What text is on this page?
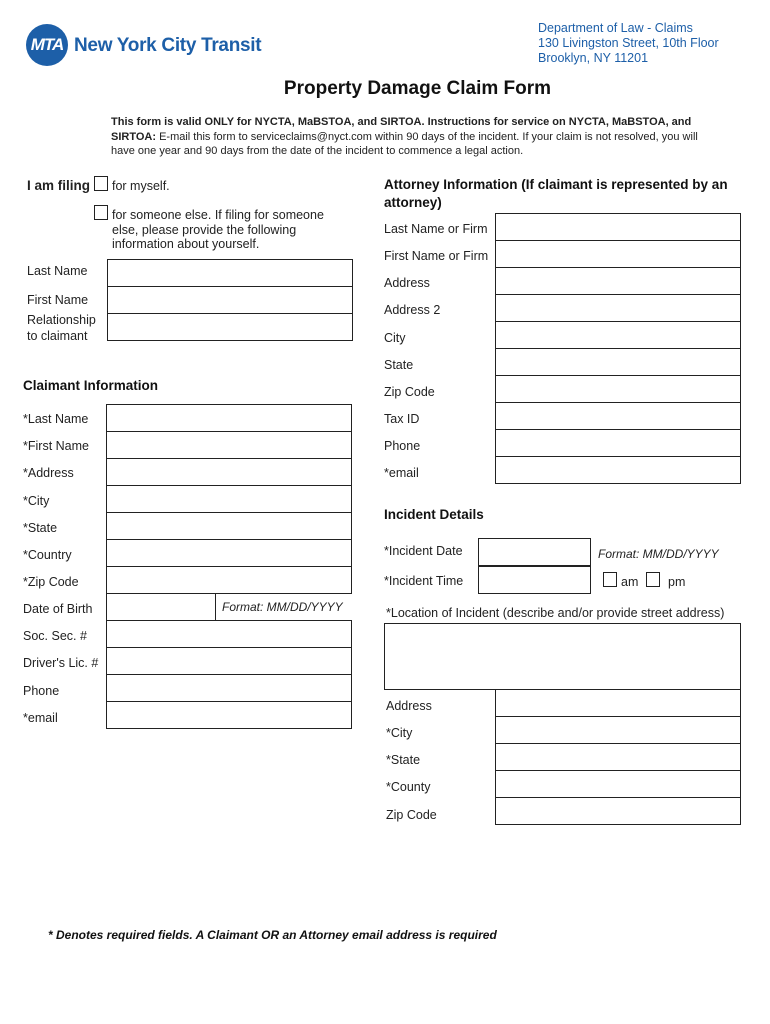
MTA New York City Transit
Department of Law - Claims
130 Livingston Street, 10th Floor
Brooklyn, NY 11201
Property Damage Claim Form
This form is valid ONLY for NYCTA, MaBSTOA, and SIRTOA. Instructions for service on NYCTA, MaBSTOA, and SIRTOA: E-mail this form to serviceclaims@nyct.com within 90 days of the incident. If your claim is not resolved, you will have one year and 90 days from the date of the incident to commence a legal action.
I am filing for myself.
for someone else. If filing for someone
else, please provide the following
information about yourself.
Last Name
First Name
Relationship
to claimant
Claimant Information
*Last Name
*First Name
*Address
*City
*State
*Country
*Zip Code
Date of Birth	Format: MM/DD/YYYY
Soc. Sec. #
Driver's Lic. #
Phone
*email
Attorney Information (If claimant is represented by an
attorney)
Last Name or Firm
First Name or Firm
Address
Address 2
City
State
Zip Code
Tax ID
Phone
*email
Incident Details
*Incident Date	Format: MM/DD/YYYY
*Incident Time	am pm
*Location of Incident (describe and/or provide street address)
Address
*City
*State
*County
Zip Code
* Denotes required fields. A Claimant OR an Attorney email address is required
